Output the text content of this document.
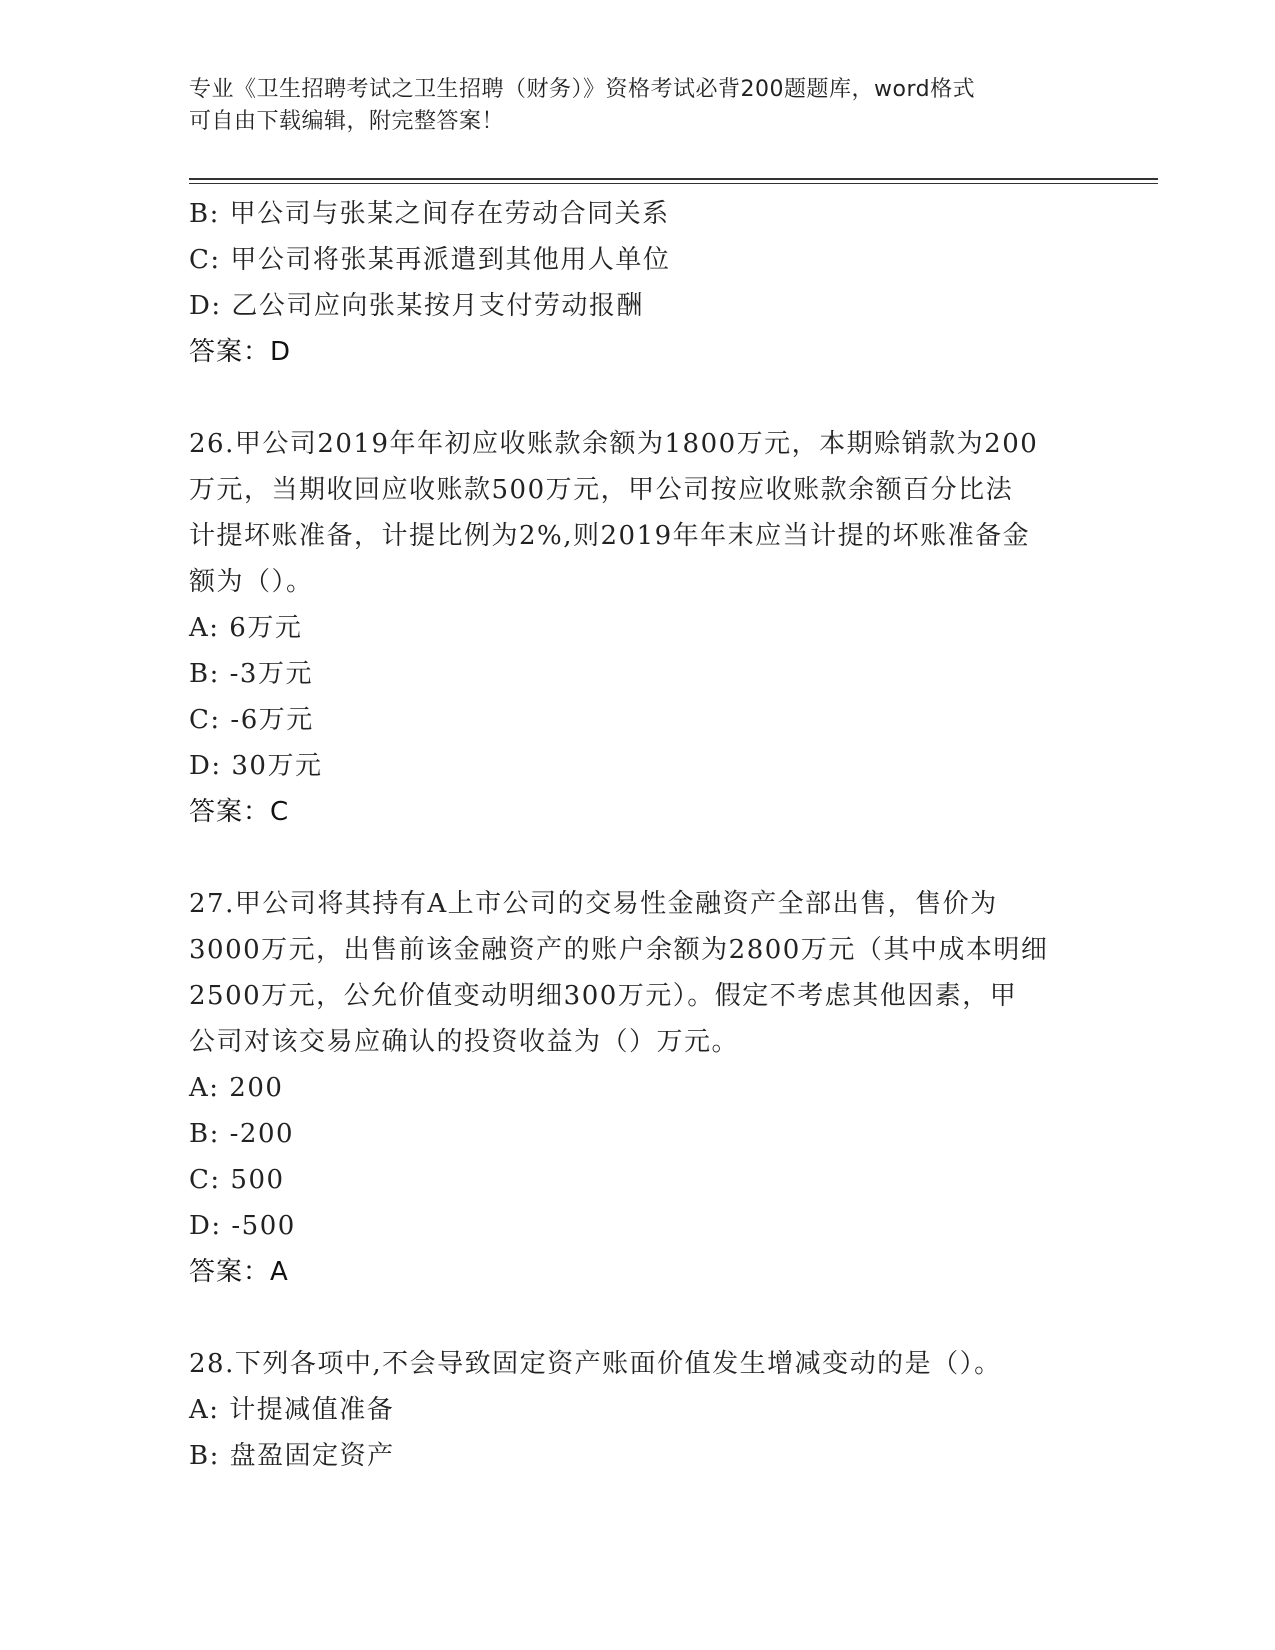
专业《卫生招聘考试之卫生招聘（财务）》资格考试必背200题题库，word格式
可自由下载编辑，附完整答案！
B: 甲公司与张某之间存在劳动合同关系
C: 甲公司将张某再派遣到其他用人单位
D: 乙公司应向张某按月支付劳动报酬
答案：D
26.甲公司2019年年初应收账款余额为1800万元，本期赊销款为200
万元，当期收回应收账款500万元，甲公司按应收账款余额百分比法
计提坏账准备，计提比例为2%,则2019年年末应当计提的坏账准备金
额为（）。
A: 6万元
B: -3万元
C: -6万元
D: 30万元
答案：C
27.甲公司将其持有A上市公司的交易性金融资产全部出售，售价为
3000万元，出售前该金融资产的账户余额为2800万元（其中成本明细
2500万元，公允价值变动明细300万元）。假定不考虑其他因素，甲
公司对该交易应确认的投资收益为（）万元。
A: 200
B: -200
C: 500
D: -500
答案：A
28.下列各项中,不会导致固定资产账面价值发生增减变动的是（）。
A: 计提减值准备
B: 盘盈固定资产
